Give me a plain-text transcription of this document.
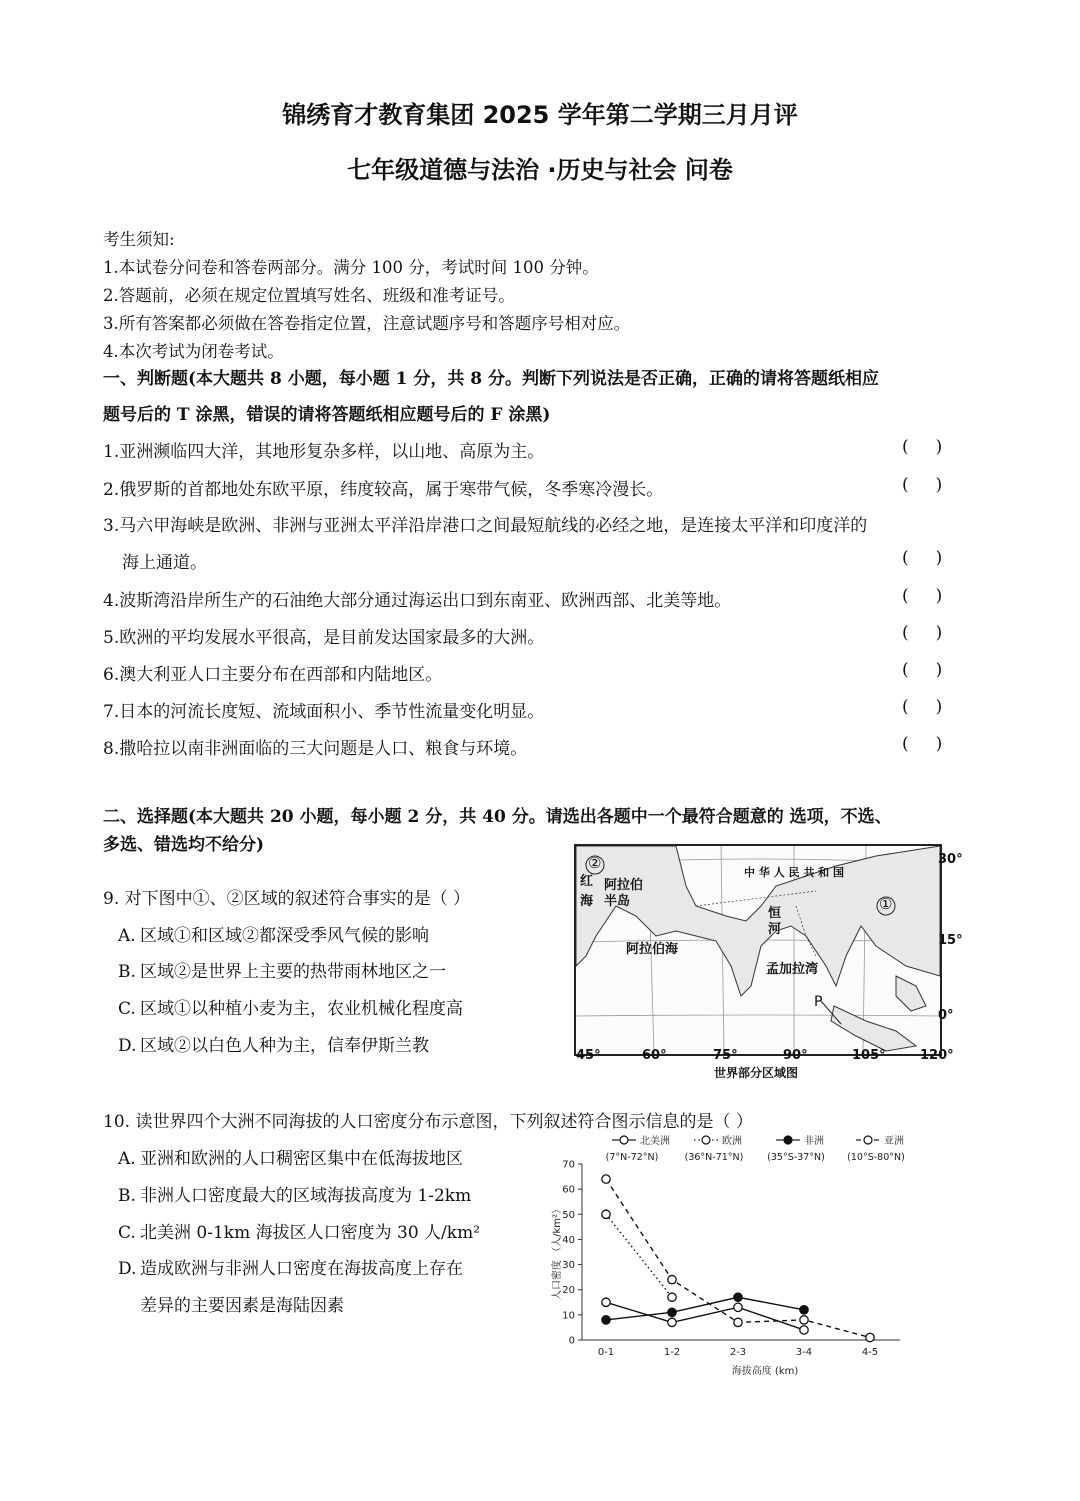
锦绣育才教育集团 2025 学年第二学期三月月评
七年级道德与法治 ·历史与社会 问卷
考生须知:
1.本试卷分问卷和答卷两部分。满分 100 分，考试时间 100 分钟。
2.答题前，必须在规定位置填写姓名、班级和准考证号。
3.所有答案都必须做在答卷指定位置，注意试题序号和答题序号相对应。
4.本次考试为闭卷考试。
一、判断题(本大题共 8 小题，每小题 1 分，共 8 分。判断下列说法是否正确，正确的请将答题纸相应
题号后的 T 涂黑，错误的请将答题纸相应题号后的 F 涂黑)
1.亚洲濒临四大洋，其地形复杂多样，以山地、高原为主。	(     )
2.俄罗斯的首都地处东欧平原，纬度较高，属于寒带气候，冬季寒冷漫长。	(     )
3.马六甲海峡是欧洲、非洲与亚洲太平洋沿岸港口之间最短航线的必经之地，是连接太平洋和印度洋的
海上通道。	(     )
4.波斯湾沿岸所生产的石油绝大部分通过海运出口到东南亚、欧洲西部、北美等地。	(     )
5.欧洲的平均发展水平很高，是目前发达国家最多的大洲。	(     )
6.澳大利亚人口主要分布在西部和内陆地区。	(     )
7.日本的河流长度短、流域面积小、季节性流量变化明显。	(     )
8.撒哈拉以南非洲面临的三大问题是人口、粮食与环境。	(     )
二、选择题(本大题共 20 小题，每小题 2 分，共 40 分。请选出各题中一个最符合题意的 选项，不选、
多选、错选均不给分)
9. 对下图中①、②区域的叙述符合事实的是（ ）
A. 区域①和区域②都深受季风气候的影响
B. 区域②是世界上主要的热带雨林地区之一
C. 区域①以种植小麦为主，农业机械化程度高
D. 区域②以白色人种为主，信奉伊斯兰教
②
①
阿拉伯
半岛
红
海
阿拉伯海
孟加拉湾
中 华 人 民 共 和 国
恒
河
P
45°	60°	75°	90°	105°	120°
30°
15°
0°
世界部分区域图
10. 读世界四个大洲不同海拔的人口密度分布示意图，下列叙述符合图示信息的是（ ）
A. 亚洲和欧洲的人口稠密区集中在低海拔地区
B. 非洲人口密度最大的区域海拔高度为 1-2km
C. 北美洲 0-1km 海拔区人口密度为 30 人/km²
D. 造成欧洲与非洲人口密度在海拔高度上存在
差异的主要因素是海陆因素
北美洲
(7°N-72°N)
欧洲
(36°N-71°N)
非洲
(35°S-37°N)
亚洲
(10°S-80°N)
0
10
20
30
40
50
60
70
0-1	1-2	2-3	3-4	4-5
海拔高度 (km)
人口密度 （人/km²）
